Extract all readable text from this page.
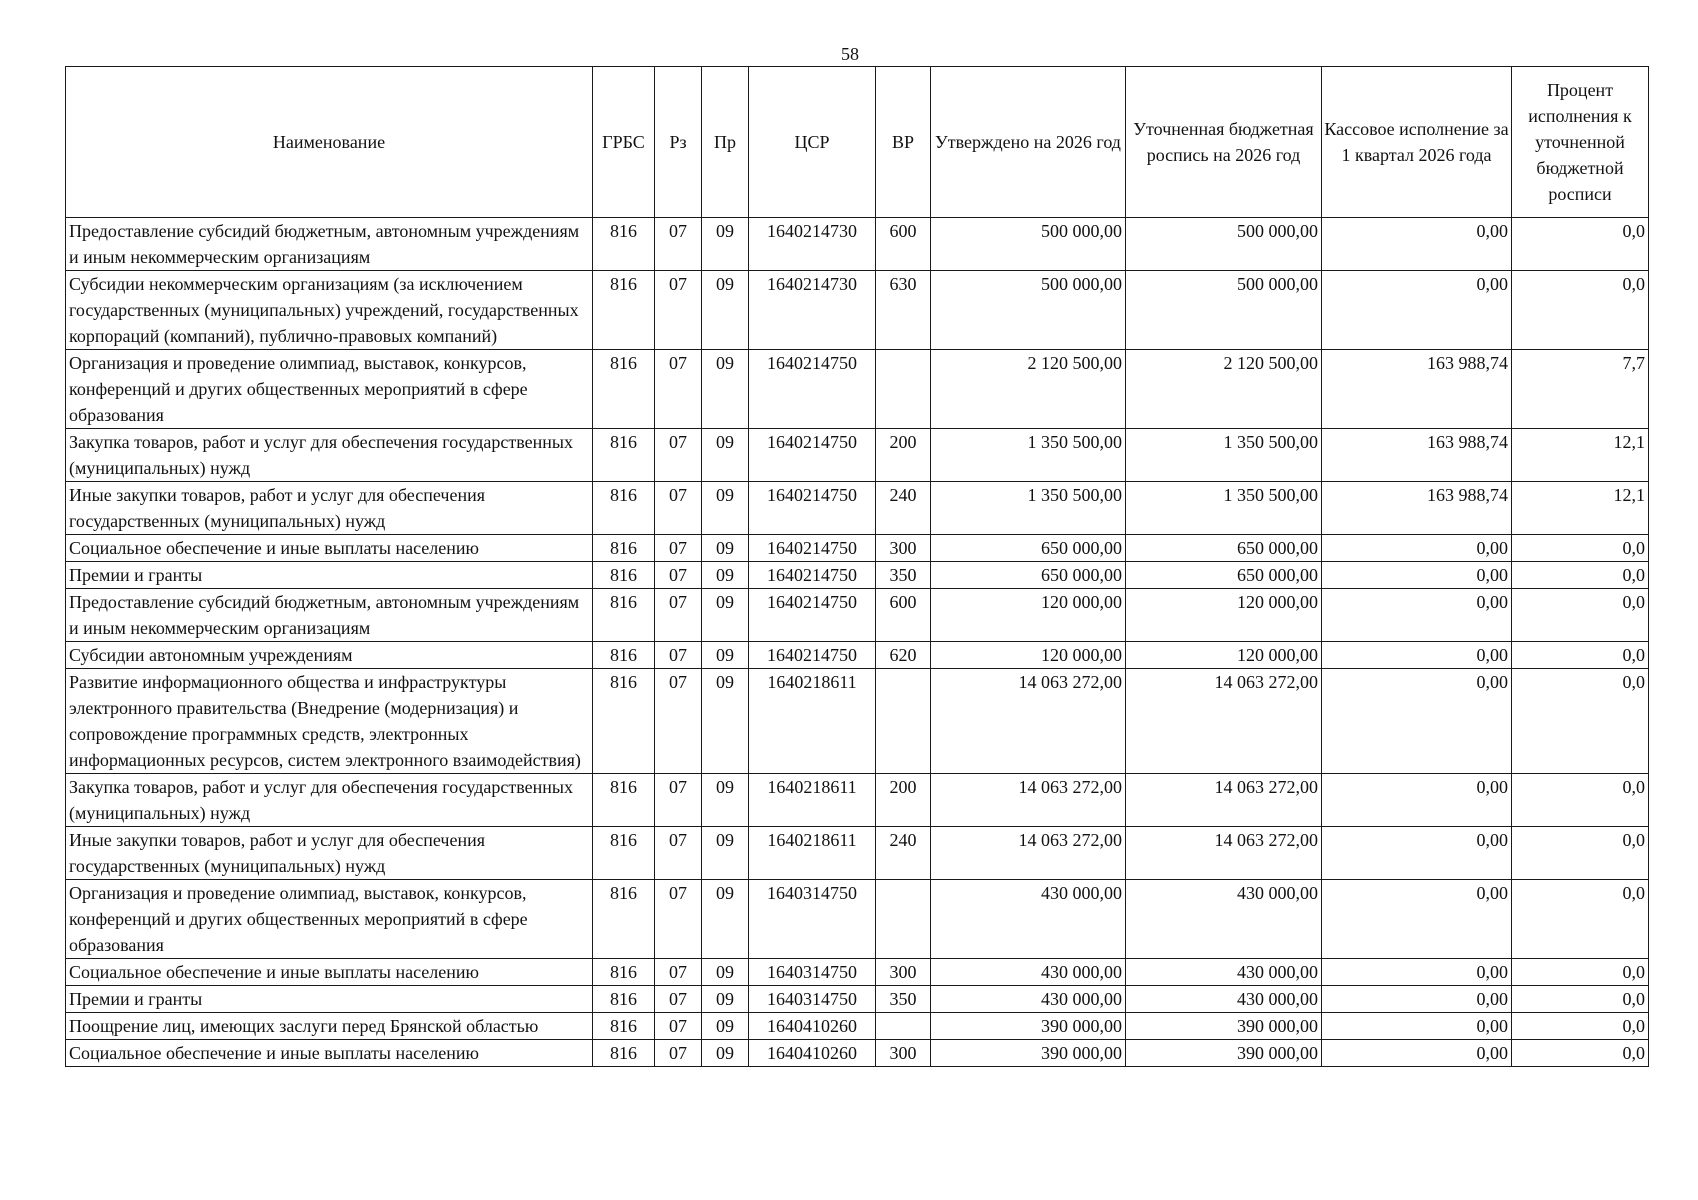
58
Наименование	ГРБС	Рз	Пр	ЦСР	ВР	Утверждено на 2026 год	Уточненная бюджетная роспись на 2026 год	Кассовое исполнение за 1 квартал 2026 года	Процент исполнения к уточненной бюджетной росписи
Предоставление субсидий бюджетным, автономным учреждениям и иным некоммерческим организациям	816	07	09	1640214730	600	500 000,00	500 000,00	0,00	0,0
Субсидии некоммерческим организациям (за исключением государственных (муниципальных) учреждений, государственных корпораций (компаний), публично-правовых компаний)	816	07	09	1640214730	630	500 000,00	500 000,00	0,00	0,0
Организация и проведение олимпиад, выставок, конкурсов, конференций и других общественных мероприятий в сфере образования	816	07	09	1640214750		2 120 500,00	2 120 500,00	163 988,74	7,7
Закупка товаров, работ и услуг для обеспечения государственных (муниципальных) нужд	816	07	09	1640214750	200	1 350 500,00	1 350 500,00	163 988,74	12,1
Иные закупки товаров, работ и услуг для обеспечения государственных (муниципальных) нужд	816	07	09	1640214750	240	1 350 500,00	1 350 500,00	163 988,74	12,1
Социальное обеспечение и иные выплаты населению	816	07	09	1640214750	300	650 000,00	650 000,00	0,00	0,0
Премии и гранты	816	07	09	1640214750	350	650 000,00	650 000,00	0,00	0,0
Предоставление субсидий бюджетным, автономным учреждениям и иным некоммерческим организациям	816	07	09	1640214750	600	120 000,00	120 000,00	0,00	0,0
Субсидии автономным учреждениям	816	07	09	1640214750	620	120 000,00	120 000,00	0,00	0,0
Развитие информационного общества и инфраструктуры электронного правительства (Внедрение (модернизация) и сопровождение программных средств, электронных информационных ресурсов, систем электронного взаимодействия)	816	07	09	1640218611		14 063 272,00	14 063 272,00	0,00	0,0
Закупка товаров, работ и услуг для обеспечения государственных (муниципальных) нужд	816	07	09	1640218611	200	14 063 272,00	14 063 272,00	0,00	0,0
Иные закупки товаров, работ и услуг для обеспечения государственных (муниципальных) нужд	816	07	09	1640218611	240	14 063 272,00	14 063 272,00	0,00	0,0
Организация и проведение олимпиад, выставок, конкурсов, конференций и других общественных мероприятий в сфере образования	816	07	09	1640314750		430 000,00	430 000,00	0,00	0,0
Социальное обеспечение и иные выплаты населению	816	07	09	1640314750	300	430 000,00	430 000,00	0,00	0,0
Премии и гранты	816	07	09	1640314750	350	430 000,00	430 000,00	0,00	0,0
Поощрение лиц, имеющих заслуги перед Брянской областью	816	07	09	1640410260		390 000,00	390 000,00	0,00	0,0
Социальное обеспечение и иные выплаты населению	816	07	09	1640410260	300	390 000,00	390 000,00	0,00	0,0
